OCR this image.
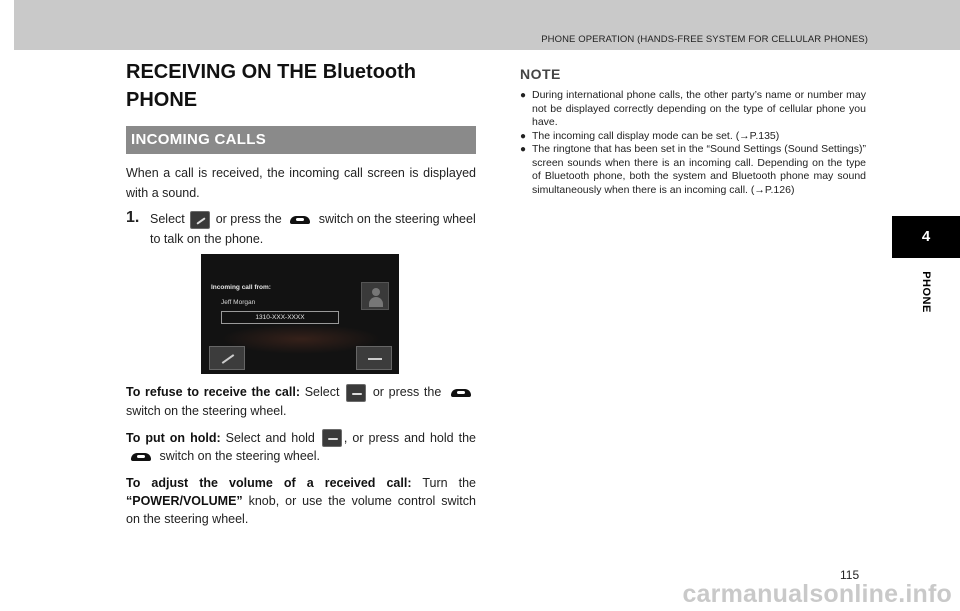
PHONE OPERATION (HANDS-FREE SYSTEM FOR CELLULAR PHONES)
4
PHONE
RECEIVING ON THE Bluetooth PHONE
INCOMING CALLS

When a call is received, the incoming call screen is displayed with a sound.

1. Select or press the	switch on the steering wheel to talk on the phone.
Incoming call from:
Jeff Morgan
1310-XXX-XXXX

To refuse to receive the call: Select	or press the  switch on the steering wheel.

To put on hold: Select and hold , or press and hold the  switch on the steering wheel.

To adjust the volume of a received call: Turn the “POWER/VOLUME” knob, or use the volume control switch on the steering wheel.

NOTE
● During international phone calls, the other party’s name or number may not be displayed correctly depending on the type of cellular phone you have.
● The incoming call display mode can be set. (→P.135)
● The ringtone that has been set in the “Sound Settings (Sound Settings)” screen sounds when there is an incoming call. Depending on the type of Bluetooth phone, both the system and Bluetooth phone may sound simultaneously when there is an incoming call. (→P.126)
115
carmanualsonline.info
